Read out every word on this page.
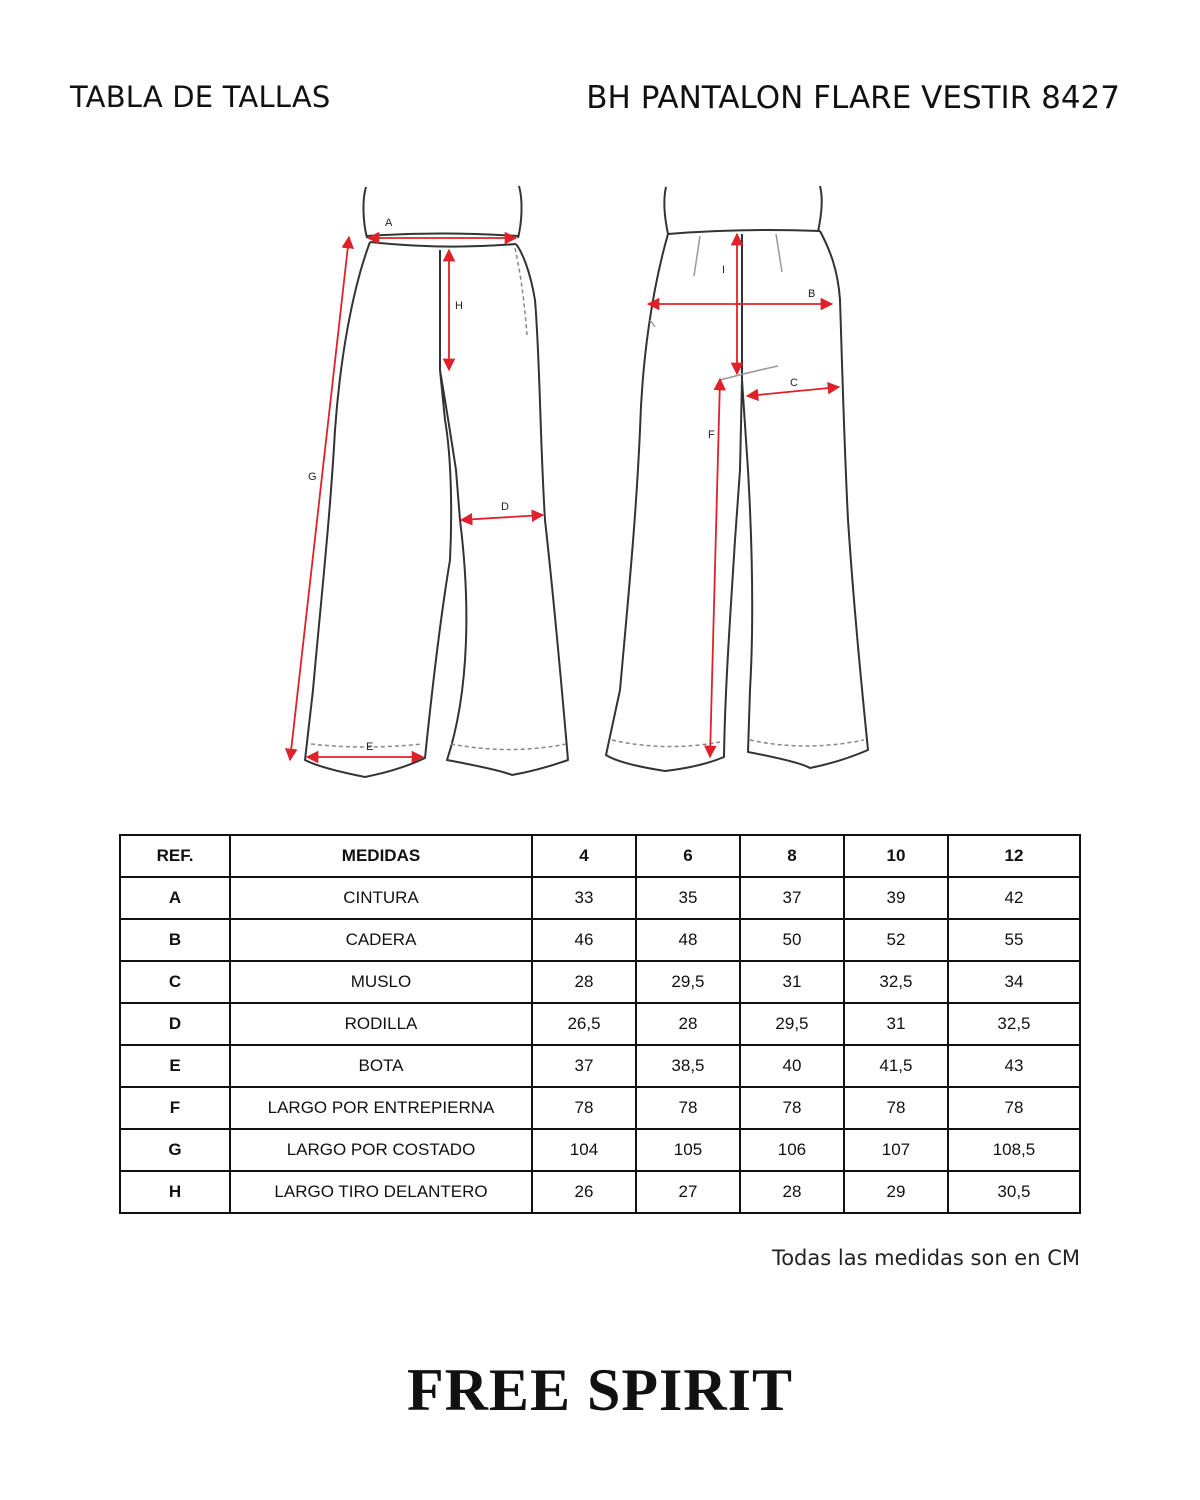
TABLA DE TALLAS	BH PANTALON FLARE VESTIR 8427
A
G
H
D
E
I
B
C
F
REF.	MEDIDAS	4	6	8	10	12
A	CINTURA	33	35	37	39	42
B	CADERA	46	48	50	52	55
C	MUSLO	28	29,5	31	32,5	34
D	RODILLA	26,5	28	29,5	31	32,5
E	BOTA	37	38,5	40	41,5	43
F	LARGO POR ENTREPIERNA	78	78	78	78	78
G	LARGO POR COSTADO	104	105	106	107	108,5
H	LARGO TIRO DELANTERO	26	27	28	29	30,5
Todas las medidas son en CM
FREE SPIRIT
